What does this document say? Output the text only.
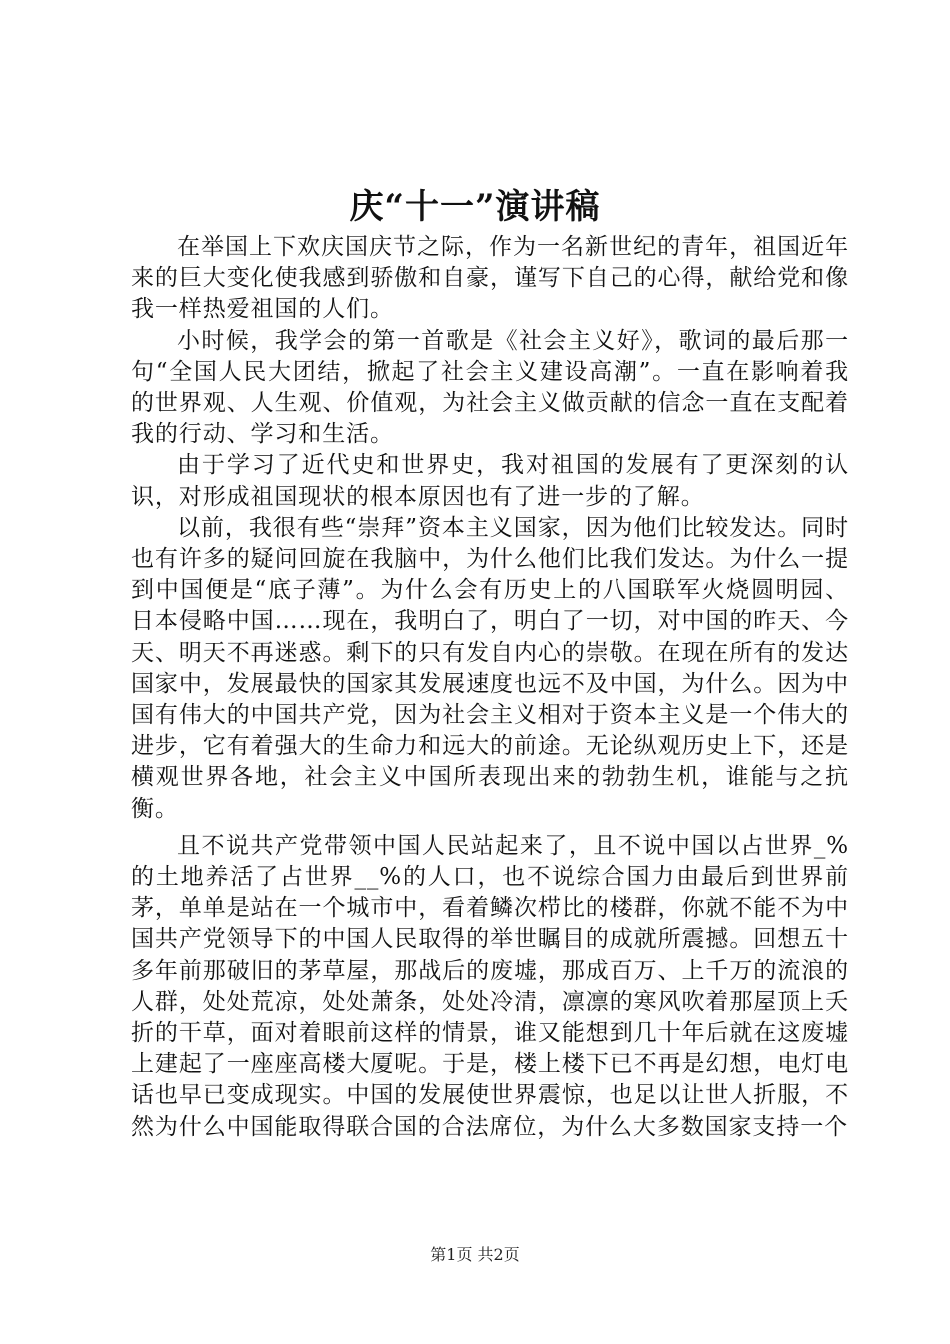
庆“十一”演讲稿

在举国上下欢庆国庆节之际，作为一名新世纪的青年，祖国近年来的巨大变化使我感到骄傲和自豪，谨写下自己的心得，献给党和像我一样热爱祖国的人们。

小时候，我学会的第一首歌是《社会主义好》，歌词的最后那一句“全国人民大团结，掀起了社会主义建设高潮”。一直在影响着我的世界观、人生观、价值观，为社会主义做贡献的信念一直在支配着我的行动、学习和生活。

由于学习了近代史和世界史，我对祖国的发展有了更深刻的认识，对形成祖国现状的根本原因也有了进一步的了解。

以前，我很有些“崇拜”资本主义国家，因为他们比较发达。同时也有许多的疑问回旋在我脑中，为什么他们比我们发达。为什么一提到中国便是“底子薄”。为什么会有历史上的八国联军火烧圆明园、日本侵略中国……现在，我明白了，明白了一切，对中国的昨天、今天、明天不再迷惑。剩下的只有发自内心的崇敬。在现在所有的发达国家中，发展最快的国家其发展速度也远不及中国，为什么。因为中国有伟大的中国共产党，因为社会主义相对于资本主义是一个伟大的进步，它有着强大的生命力和远大的前途。无论纵观历史上下，还是横观世界各地，社会主义中国所表现出来的勃勃生机，谁能与之抗衡。

且不说共产党带领中国人民站起来了，且不说中国以占世界_%的土地养活了占世界__%的人口，也不说综合国力由最后到世界前茅，单单是站在一个城市中，看着鳞次栉比的楼群，你就不能不为中国共产党领导下的中国人民取得的举世瞩目的成就所震撼。回想五十多年前那破旧的茅草屋，那战后的废墟，那成百万、上千万的流浪的人群，处处荒凉，处处萧条，处处冷清，凛凛的寒风吹着那屋顶上夭折的干草，面对着眼前这样的情景，谁又能想到几十年后就在这废墟上建起了一座座高楼大厦呢。于是，楼上楼下已不再是幻想，电灯电话也早已变成现实。中国的发展使世界震惊，也足以让世人折服，不然为什么中国能取得联合国的合法席位，为什么大多数国家支持一个

第1页 共2页
